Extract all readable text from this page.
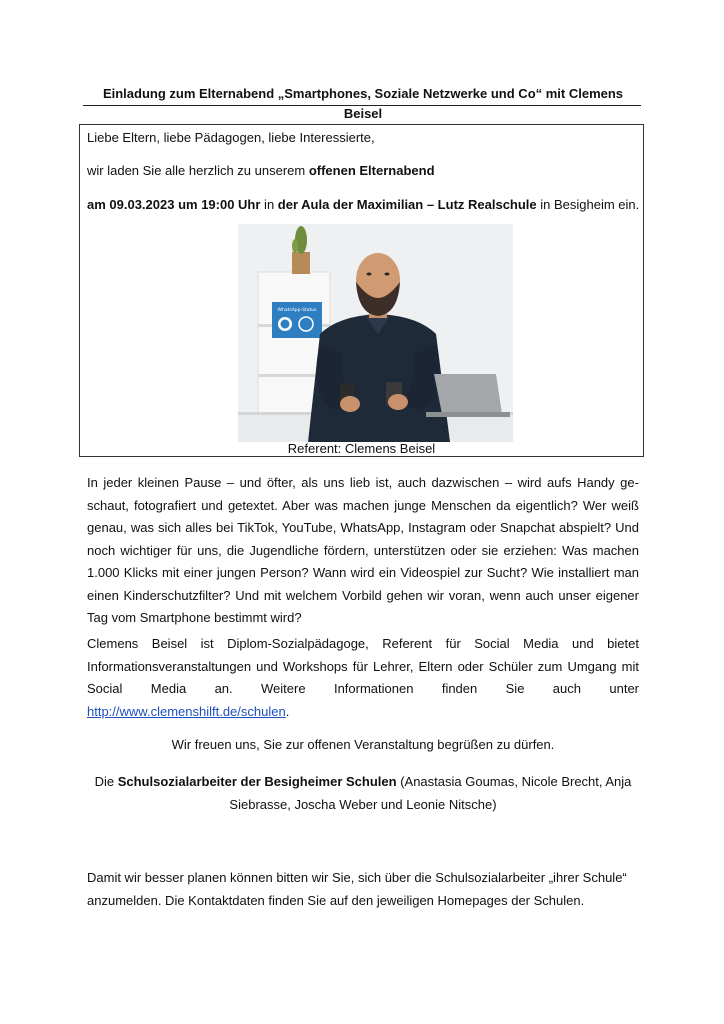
Einladung zum Elternabend „Smartphones, Soziale Netzwerke und Co“ mit Clemens Beisel
Liebe Eltern, liebe Pädagogen, liebe Interessierte,
wir laden Sie alle herzlich zu unserem offenen Elternabend
am 09.03.2023 um 19:00 Uhr in der Aula der Maximilian – Lutz Realschule in Besigheim ein.
WhatsApp-Status
Referent: Clemens Beisel
In jeder kleinen Pause – und öfter, als uns lieb ist, auch dazwischen – wird aufs Handy geschaut, fotografiert und getextet. Aber was machen junge Menschen da eigentlich? Wer weiß genau, was sich alles bei TikTok, YouTube, WhatsApp, Instagram oder Snapchat abspielt? Und noch wichtiger für uns, die Jugendliche fördern, unterstützen oder sie erziehen: Was machen 1.000 Klicks mit einer jungen Person? Wann wird ein Videospiel zur Sucht? Wie installiert man einen Kinderschutzfilter? Und mit welchem Vorbild gehen wir voran, wenn auch unser eigener Tag vom Smartphone bestimmt wird?
Clemens Beisel ist Diplom-Sozialpädagoge, Referent für Social Media und bietet
Informationsveranstaltungen und Workshops für Lehrer, Eltern oder Schüler zum Umgang mit
Social Media an. Weitere Informationen finden Sie auch unter
http://www.clemenshilft.de/schulen.
Wir freuen uns, Sie zur offenen Veranstaltung begrüßen zu dürfen.
Die Schulsozialarbeiter der Besigheimer Schulen (Anastasia Goumas, Nicole Brecht, Anja Siebrasse, Joscha Weber und Leonie Nitsche)
Damit wir besser planen können bitten wir Sie, sich über die Schulsozialarbeiter „ihrer Schule“ anzumelden. Die Kontaktdaten finden Sie auf den jeweiligen Homepages der Schulen.
